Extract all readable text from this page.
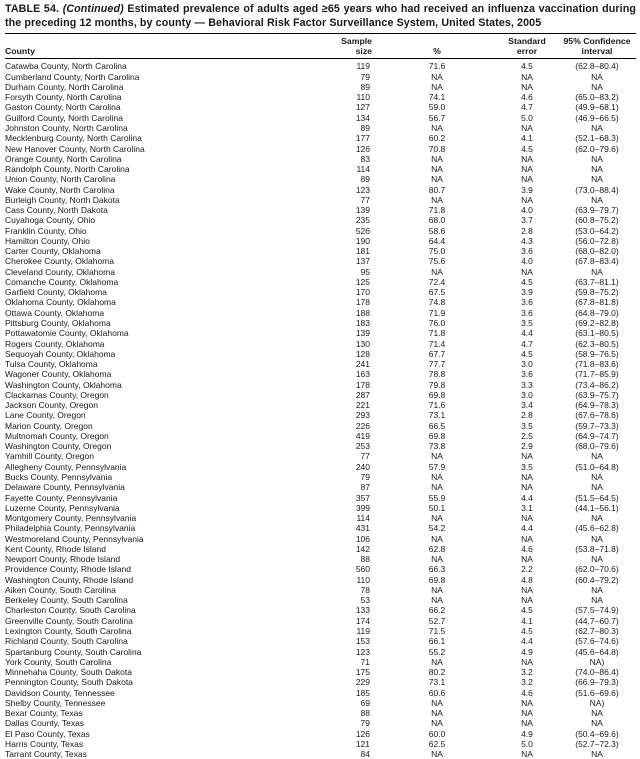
TABLE 54. (Continued) Estimated prevalence of adults aged ≥65 years who had received an influenza vaccination during the preceding 12 months, by county — Behavioral Risk Factor Surveillance System, United States, 2005
County

Sample
size	%

Standard
error

95% Confidence
interval

Catawba County, North Carolina	119	71.6	4.5	(62.8–80.4)
Cumberland County, North Carolina	79	NA	NA	NA
Durham County, North Carolina	89	NA	NA	NA
Forsyth County, North Carolina	110	74.1	4.6	(65.0–83.2)
Gaston County, North Carolina	127	59.0	4.7	(49.9–68.1)
Guilford County, North Carolina	134	56.7	5.0	(46.9–66.5)
Johnston County, North Carolina	89	NA	NA	NA
Mecklenburg County, North Carolina	177	60.2	4.1	(52.1–68.3)
New Hanover County, North Carolina	126	70.8	4.5	(62.0–79.6)
Orange County, North Carolina	83	NA	NA	NA
Randolph County, North Carolina	114	NA	NA	NA
Union County, North Carolina	89	NA	NA	NA
Wake County, North Carolina	123	80.7	3.9	(73.0–88.4)
Burleigh County, North Dakota	77	NA	NA	NA
Cass County, North Dakota	139	71.8	4.0	(63.9–79.7)
Cuyahoga County, Ohio	235	68.0	3.7	(60.8–75.2)
Franklin County, Ohio	526	58.6	2.8	(53.0–64.2)
Hamilton County, Ohio	190	64.4	4.3	(56.0–72.8)
Carter County, Oklahoma	181	75.0	3.6	(68.0–82.0)
Cherokee County, Oklahoma	137	75.6	4.0	(67.8–83.4)
Cleveland County, Oklahoma	95	NA	NA	NA
Comanche County, Oklahoma	125	72.4	4.5	(63.7–81.1)
Garfield County, Oklahoma	170	67.5	3.9	(59.8–75.2)
Oklahoma County, Oklahoma	178	74.8	3.6	(67.8–81.8)
Ottawa County, Oklahoma	188	71.9	3.6	(64.8–79.0)
Pittsburg County, Oklahoma	183	76.0	3.5	(69.2–82.8)
Pottawatomie County, Oklahoma	139	71.8	4.4	(63.1–80.5)
Rogers County, Oklahoma	130	71.4	4.7	(62.3–80.5)
Sequoyah County, Oklahoma	128	67.7	4.5	(58.9–76.5)
Tulsa County, Oklahoma	241	77.7	3.0	(71.8–83.6)
Wagoner County, Oklahoma	163	78.8	3.6	(71.7–85.9)
Washington County, Oklahoma	178	79.8	3.3	(73.4–86.2)
Clackamas County, Oregon	287	69.8	3.0	(63.9–75.7)
Jackson County, Oregon	221	71.6	3.4	(64.9–78.3)
Lane County, Oregon	293	73.1	2.8	(67.6–78.6)
Marion County, Oregon	226	66.5	3.5	(59.7–73.3)
Multnomah County, Oregon	419	69.8	2.5	(64.9–74.7)
Washington County, Oregon	253	73.8	2.9	(68.0–79.6)
Yamhill County, Oregon	77	NA	NA	NA
Allegheny County, Pennsylvania	240	57.9	3.5	(51.0–64.8)
Bucks County, Pennsylvania	79	NA	NA	NA
Delaware County, Pennsylvania	87	NA	NA	NA
Fayette County, Pennsylvania	357	55.9	4.4	(51.5–64.5)
Luzerne County, Pennsylvania	399	50.1	3.1	(44.1–56.1)
Montgomery County, Pennsylvania	114	NA	NA	NA
Philadelphia County, Pennsylvania	431	54.2	4.4	(45.6–62.8)
Westmoreland County, Pennsylvania	106	NA	NA	NA
Kent County, Rhode Island	142	62.8	4.6	(53.8–71.8)
Newport County, Rhode Island	88	NA	NA	NA
Providence County, Rhode Island	560	66.3	2.2	(62.0–70.6)
Washington County, Rhode Island	110	69.8	4.8	(60.4–79.2)
Aiken County, South Carolina	78	NA	NA	NA
Berkeley County, South Carolina	53	NA	NA	NA
Charleston County, South Carolina	133	66.2	4.5	(57.5–74.9)
Greenville County, South Carolina	174	52.7	4.1	(44.7–60.7)
Lexington County, South Carolina	119	71.5	4.5	(62.7–80.3)
Richland County, South Carolina	153	66.1	4.4	(57.6–74.6)
Spartanburg County, South Carolina	123	55.2	4.9	(45.6–64.8)
York County, South Carolina	71	NA	NA	NA)
Minnehaha County, South Dakota	175	80.2	3.2	(74.0–86.4)
Pennington County, South Dakota	229	73.1	3.2	(66.9–79.3)
Davidson County, Tennessee	185	60.6	4.6	(51.6–69.6)
Shelby County, Tennessee	69	NA	NA	NA)
Bexar County, Texas	88	NA	NA	NA
Dallas County, Texas	79	NA	NA	NA
El Paso County, Texas	126	60.0	4.9	(50.4–69.6)
Harris County, Texas	121	62.5	5.0	(52.7–72.3)
Tarrant County, Texas	84	NA	NA	NA
